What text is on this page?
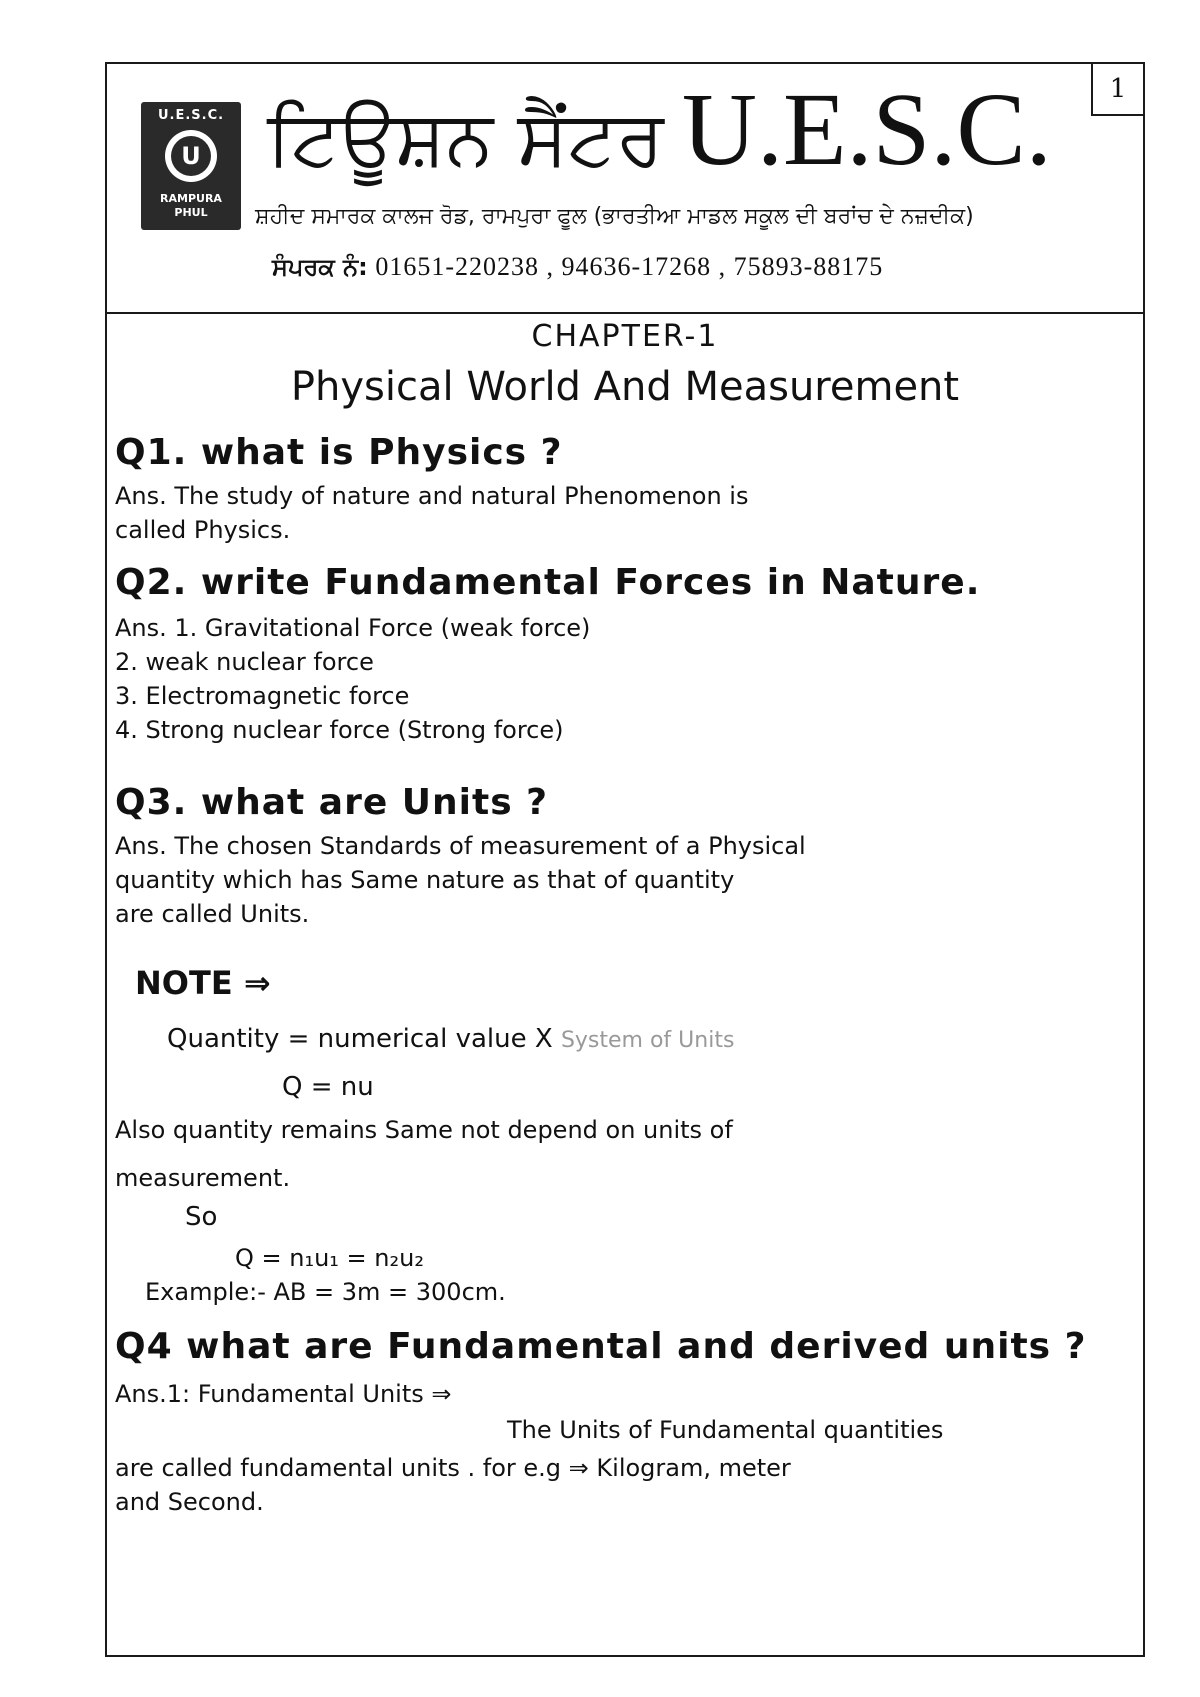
1
U.E.S.C.
U
RAMPURA
PHUL
ਟਿਊਸ਼ਨ ਸੈਂਟਰ U.E.S.C.
ਸ਼ਹੀਦ ਸਮਾਰਕ ਕਾਲਜ ਰੋਡ, ਰਾਮਪੁਰਾ ਫੂਲ (ਭਾਰਤੀਆ ਮਾਡਲ ਸਕੂਲ ਦੀ ਬਰਾਂਚ ਦੇ ਨਜ਼ਦੀਕ)
ਸੰਪਰਕ ਨੰ: 01651-220238 , 94636-17268 , 75893-88175
CHAPTER-1
Physical World And Measurement
Q1. what is Physics ?
Ans. The study of nature and natural Phenomenon is
called Physics.
Q2. write Fundamental Forces in Nature.
Ans. 1. Gravitational Force (weak force)
2. weak nuclear force
3. Electromagnetic force
4. Strong nuclear force (Strong force)
Q3. what are Units ?
Ans. The chosen Standards of measurement of a Physical
quantity which has Same nature as that of quantity
are called Units.
NOTE ⇒
Quantity = numerical value X System of Units
Q = nu
Also quantity remains Same not depend on units of
measurement.
So
Q = n₁u₁ = n₂u₂
Example:- AB = 3m = 300cm.
Q4 what are Fundamental and derived units ?
Ans.1: Fundamental Units ⇒
The Units of Fundamental quantities
are called fundamental units . for e.g ⇒ Kilogram, meter
and Second.
